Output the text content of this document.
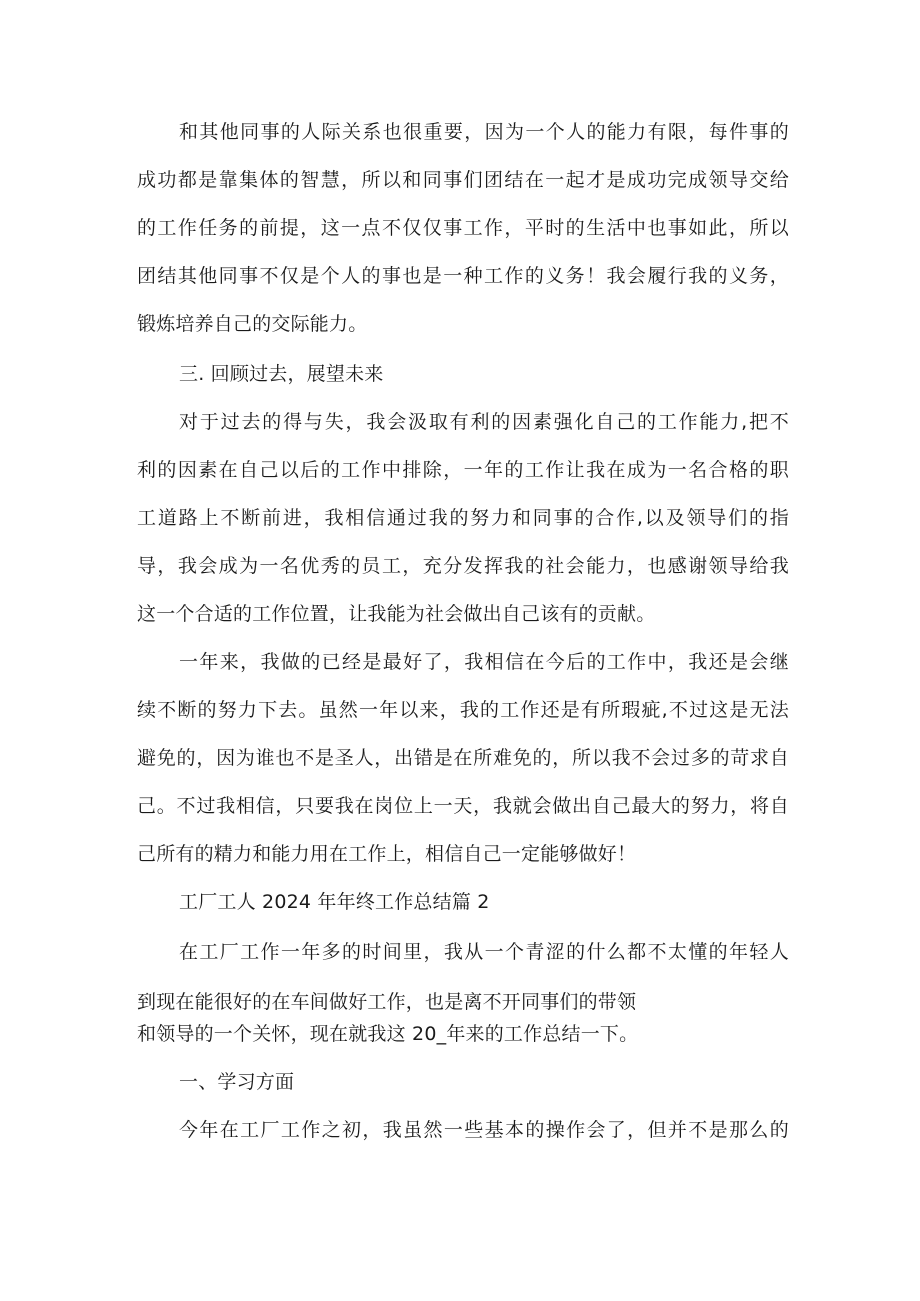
和其他同事的人际关系也很重要，因为一个人的能力有限，每件事的
成功都是靠集体的智慧，所以和同事们团结在一起才是成功完成领导交给
的工作任务的前提，这一点不仅仅事工作，平时的生活中也事如此，所以
团结其他同事不仅是个人的事也是一种工作的义务！我会履行我的义务，
锻炼培养自己的交际能力。
三. 回顾过去，展望未来
对于过去的得与失，我会汲取有利的因素强化自己的工作能力,把不
利的因素在自己以后的工作中排除，一年的工作让我在成为一名合格的职
工道路上不断前进，我相信通过我的努力和同事的合作,以及领导们的指
导，我会成为一名优秀的员工，充分发挥我的社会能力，也感谢领导给我
这一个合适的工作位置，让我能为社会做出自己该有的贡献。
一年来，我做的已经是最好了，我相信在今后的工作中，我还是会继
续不断的努力下去。虽然一年以来，我的工作还是有所瑕疵,不过这是无法
避免的，因为谁也不是圣人，出错是在所难免的，所以我不会过多的苛求自
己。不过我相信，只要我在岗位上一天，我就会做出自己最大的努力，将自
己所有的精力和能力用在工作上，相信自己一定能够做好！
工厂工人 2024 年年终工作总结篇 2
在工厂工作一年多的时间里，我从一个青涩的什么都不太懂的年轻人
到现在能很好的在车间做好工作，也是离不开同事们的带领
和领导的一个关怀，现在就我这 20_年来的工作总结一下。
一、学习方面
今年在工厂工作之初，我虽然一些基本的操作会了，但并不是那么的
